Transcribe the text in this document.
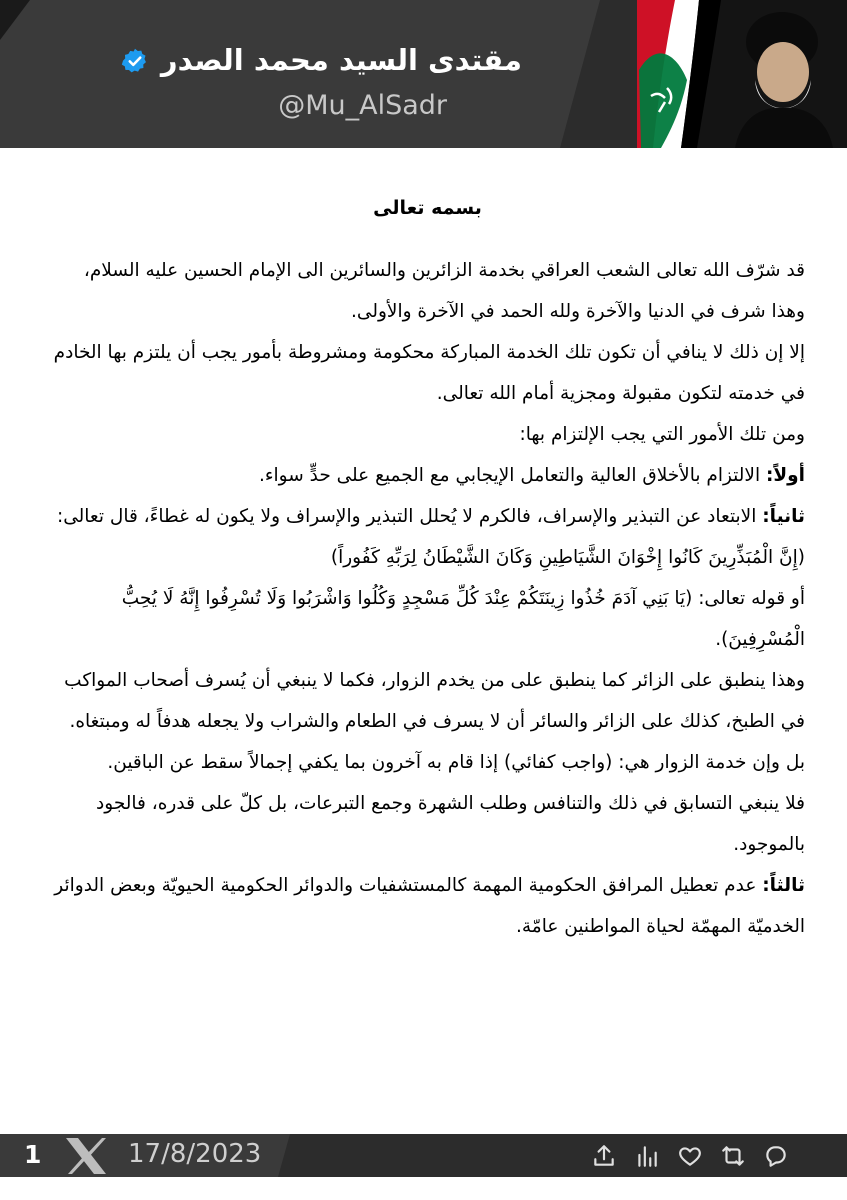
مقتدى السيد محمد الصدر
@Mu_AlSadr
بسمه تعالى

قد شرّف الله تعالى الشعب العراقي بخدمة الزائرين والسائرين الى الإمام الحسين عليه السلام، وهذا شرف في الدنيا والآخرة ولله الحمد في الآخرة والأولى.

إلا إن ذلك لا ينافي أن تكون تلك الخدمة المباركة محكومة ومشروطة بأمور يجب أن يلتزم بها الخادم في خدمته لتكون مقبولة ومجزية أمام الله تعالى.

ومن تلك الأمور التي يجب الإلتزام بها:

أولاً: الالتزام بالأخلاق العالية والتعامل الإيجابي مع الجميع على حدٍّ سواء.

ثانياً: الابتعاد عن التبذير والإسراف، فالكرم لا يُحلل التبذير والإسراف ولا يكون له غطاءً، قال تعالى:(إِنَّ الْمُبَذِّرِينَ كَانُوا إِخْوَانَ الشَّيَاطِينِ وَكَانَ الشَّيْطَانُ لِرَبِّهِ كَفُوراً)

أو قوله تعالى: (يَا بَنِي آدَمَ خُذُوا زِينَتَكُمْ عِنْدَ كُلِّ مَسْجِدٍ وَكُلُوا وَاشْرَبُوا وَلَا تُسْرِفُوا إِنَّهُ لَا يُحِبُّ الْمُسْرِفِينَ).

وهذا ينطبق على الزائر كما ينطبق على من يخدم الزوار، فكما لا ينبغي أن يُسرف أصحاب المواكب في الطبخ، كذلك على الزائر والسائر أن لا يسرف في الطعام والشراب ولا يجعله هدفاً له ومبتغاه.

بل وإن خدمة الزوار هي: (واجب كفائي) إذا قام به آخرون بما يكفي إجمالاً سقط عن الباقين.

فلا ينبغي التسابق في ذلك والتنافس وطلب الشهرة وجمع التبرعات، بل كلّ على قدره، فالجود بالموجود.

ثالثاً: عدم تعطيل المرافق الحكومية المهمة كالمستشفيات والدوائر الحكومية الحيويّة وبعض الدوائر الخدميّة المهمّة لحياة المواطنين عامّة.

1	17/8/2023
